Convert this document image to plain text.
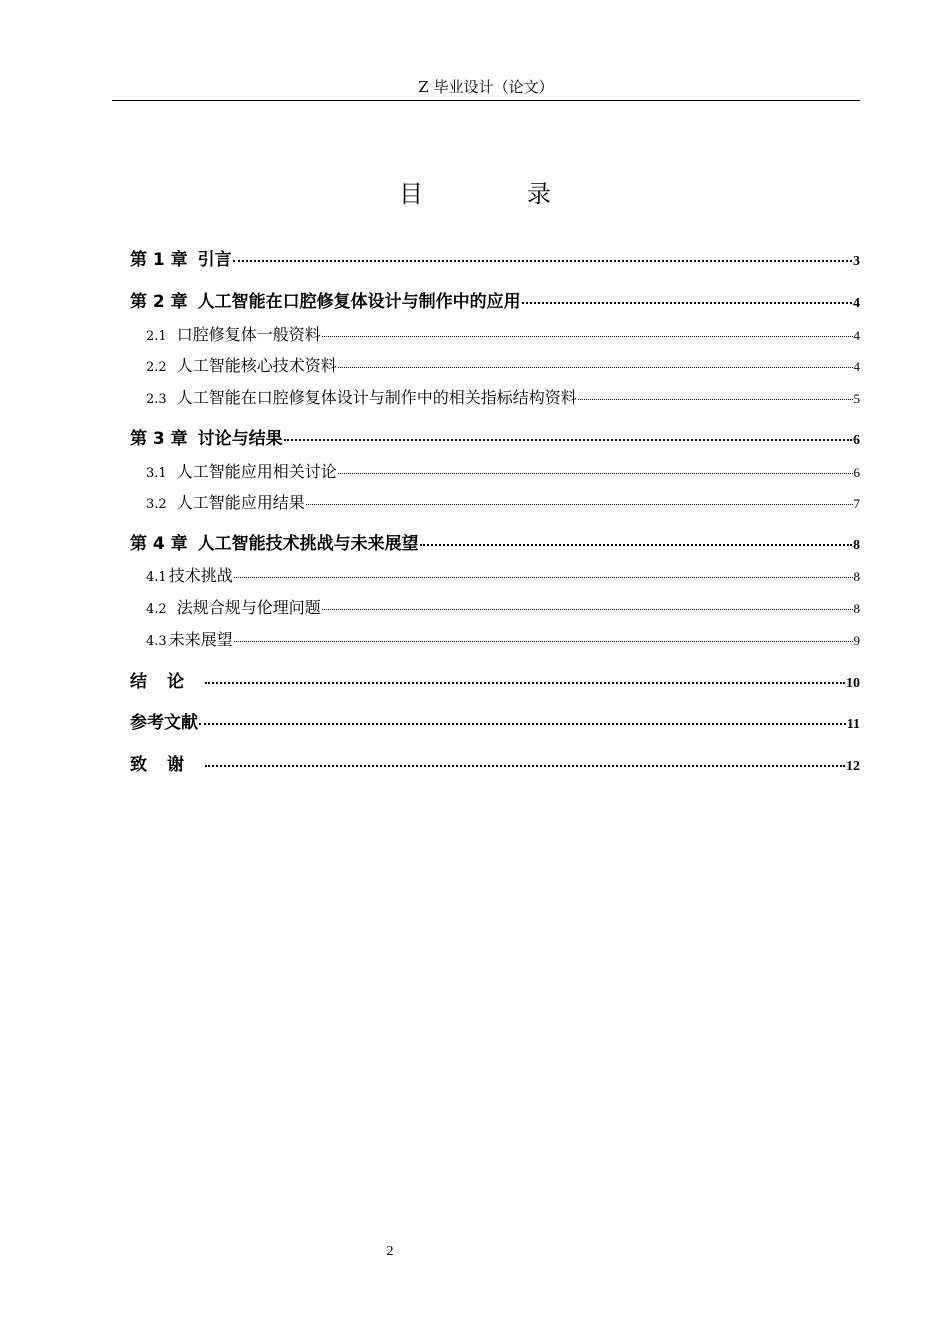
Z 毕业设计（论文）
目　录
第 1 章 引言	3
第 2 章 人工智能在口腔修复体设计与制作中的应用	4
2.1 口腔修复体一般资料	4
2.2 人工智能核心技术资料	4
2.3 人工智能在口腔修复体设计与制作中的相关指标结构资料	5
第 3 章 讨论与结果	6
3.1 人工智能应用相关讨论	6
3.2 人工智能应用结果	7
第 4 章 人工智能技术挑战与未来展望	8
4.1 技术挑战	8
4.2 法规合规与伦理问题	8
4.3 未来展望	9
结论	10
参考文献	11
致谢	12
2
